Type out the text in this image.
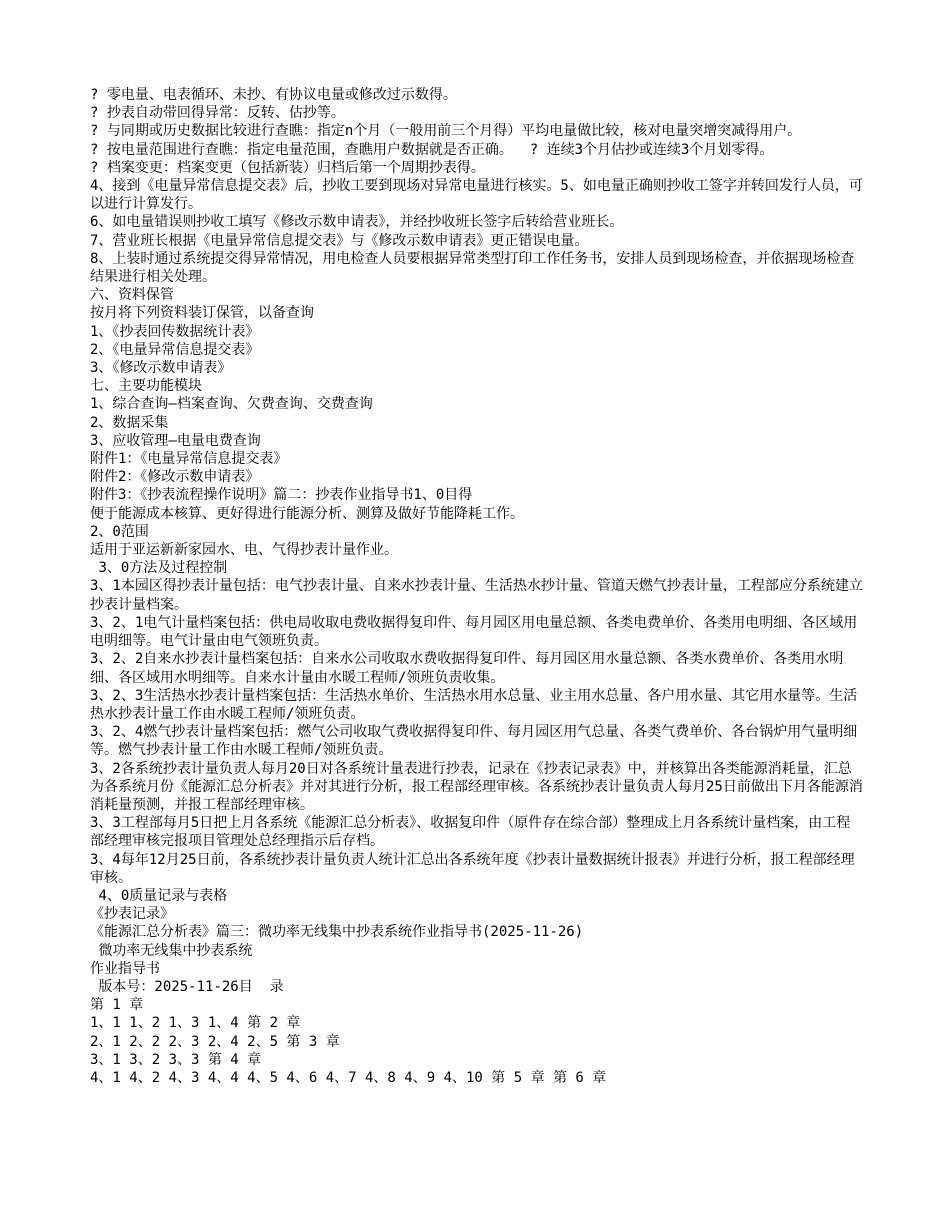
? 零电量、电表循环、未抄、有协议电量或修改过示数得。

? 抄表自动带回得异常：反转、估抄等。

? 与同期或历史数据比较进行查瞧：指定n个月（一般用前三个月得）平均电量做比较，核对电量突增突减得用户。

? 按电量范围进行查瞧：指定电量范围，查瞧用户数据就是否正确。  ? 连续3个月估抄或连续3个月划零得。

? 档案变更：档案变更（包括新装）归档后第一个周期抄表得。

4、接到《电量异常信息提交表》后，抄收工要到现场对异常电量进行核实。5、如电量正确则抄收工签字并转回发行人员，可以进行计算发行。

6、如电量错误则抄收工填写《修改示数申请表》，并经抄收班长签字后转给营业班长。

7、营业班长根据《电量异常信息提交表》与《修改示数申请表》更正错误电量。

8、上装时通过系统提交得异常情况，用电检查人员要根据异常类型打印工作任务书，安排人员到现场检查，并依据现场检查结果进行相关处理。

六、资料保管

按月将下列资料装订保管，以备查询

1、《抄表回传数据统计表》

2、《电量异常信息提交表》

3、《修改示数申请表》

七、主要功能模块

1、综合查询—档案查询、欠费查询、交费查询

2、数据采集

3、应收管理—电量电费查询

附件1：《电量异常信息提交表》

附件2：《修改示数申请表》

附件3：《抄表流程操作说明》篇二：抄表作业指导书1、0目得

便于能源成本核算、更好得进行能源分析、测算及做好节能降耗工作。

2、0范围

适用于亚运新新家园水、电、气得抄表计量作业。

3、0方法及过程控制

3、1本园区得抄表计量包括：电气抄表计量、自来水抄表计量、生活热水抄计量、管道天燃气抄表计量，工程部应分系统建立抄表计量档案。

3、2、1电气计量档案包括：供电局收取电费收据得复印件、每月园区用电量总额、各类电费单价、各类用电明细、各区域用电明细等。电气计量由电气领班负责。

3、2、2自来水抄表计量档案包括：自来水公司收取水费收据得复印件、每月园区用水量总额、各类水费单价、各类用水明细、各区域用水明细等。自来水计量由水暖工程师/领班负责收集。

3、2、3生活热水抄表计量档案包括：生活热水单价、生活热水用水总量、业主用水总量、各户用水量、其它用水量等。生活热水抄表计量工作由水暖工程师/领班负责。

3、2、4燃气抄表计量档案包括：燃气公司收取气费收据得复印件、每月园区用气总量、各类气费单价、各台锅炉用气量明细等。燃气抄表计量工作由水暖工程师/领班负责。

3、2各系统抄表计量负责人每月20日对各系统计量表进行抄表，记录在《抄表记录表》中，并核算出各类能源消耗量，汇总为各系统月份《能源汇总分析表》并对其进行分析，报工程部经理审核。各系统抄表计量负责人每月25日前做出下月各能源消消耗量预测，并报工程部经理审核。

3、3工程部每月5日把上月各系统《能源汇总分析表》、收据复印件（原件存在综合部）整理成上月各系统计量档案，由工程部经理审核完报项目管理处总经理指示后存档。

3、4每年12月25日前，各系统抄表计量负责人统计汇总出各系统年度《抄表计量数据统计报表》并进行分析，报工程部经理审核。

4、0质量记录与表格

《抄表记录》

《能源汇总分析表》篇三：微功率无线集中抄表系统作业指导书(2025-11-26)

微功率无线集中抄表系统

作业指导书

版本号：2025-11-26目  录

第 1 章

1、1 1、2 1、3 1、4 第 2 章

2、1 2、2 2、3 2、4 2、5 第 3 章

3、1 3、2 3、3 第 4 章

4、1 4、2 4、3 4、4 4、5 4、6 4、7 4、8 4、9 4、10 第 5 章 第 6 章
